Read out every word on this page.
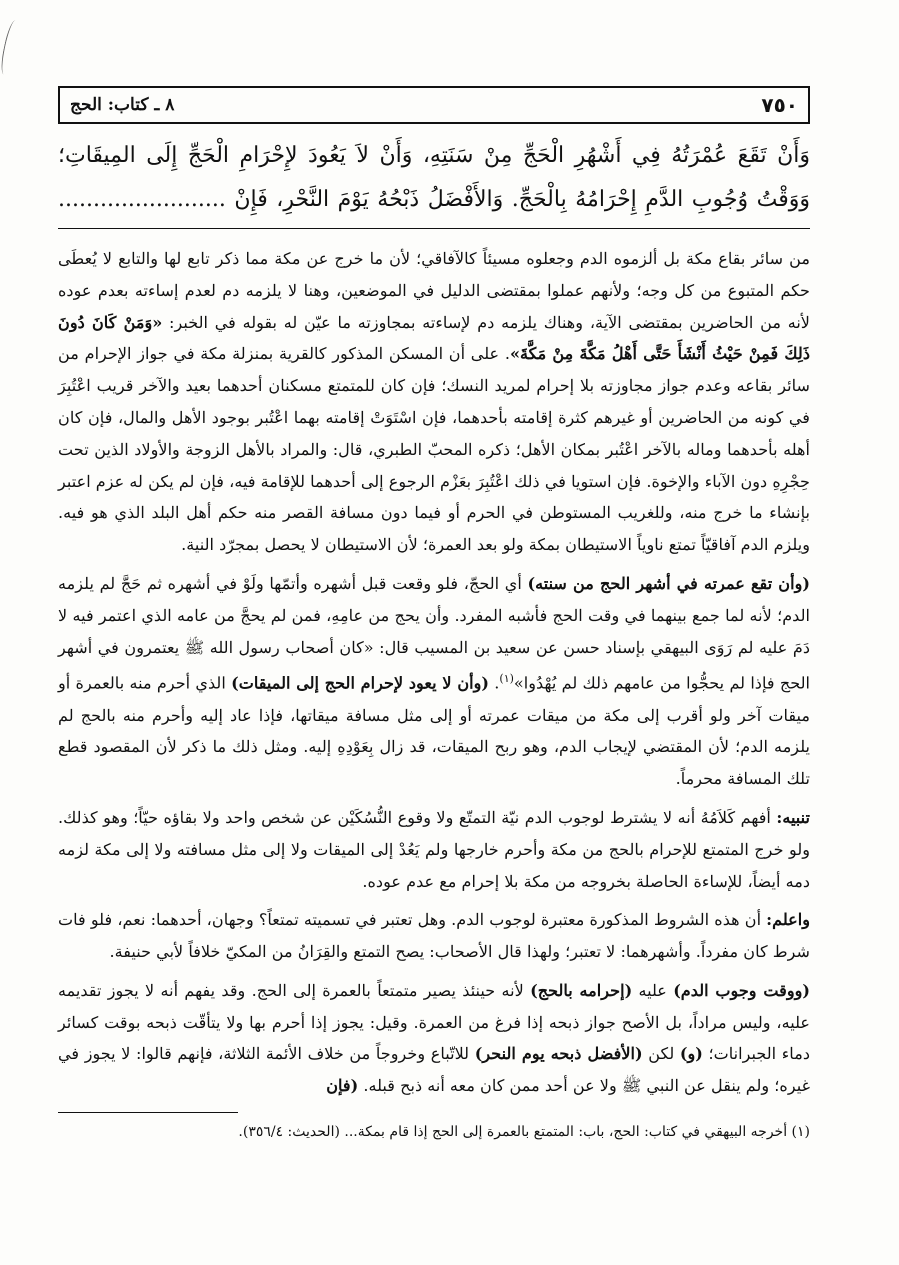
٧٥٠
٨ ـ كتاب: الحج
وَأَنْ تَقَعَ عُمْرَتُهُ فِي أَشْهُرِ الْحَجِّ مِنْ سَنَتِهِ، وَأَنْ لاَ يَعُودَ لإِحْرَامِ الْحَجِّ إِلَى المِيقَاتِ؛ وَوَقْتُ وُجُوبِ الدَّمِ إِحْرَامُهُ بِالْحَجِّ. وَالأَفْضَلُ ذَبْحُهُ يَوْمَ النَّحْرِ، فَإِنْ ........................

من سائر بقاع مكة بل ألزموه الدم وجعلوه مسيئاً كالآفاقي؛ لأن ما خرج عن مكة مما ذكر تابع لها والتابع لا يُعطَى حكم المتبوع من كل وجه؛ ولأنهم عملوا بمقتضى الدليل في الموضعين، وهنا لا يلزمه دم لعدم إساءته بعدم عوده لأنه من الحاضرين بمقتضى الآية، وهناك يلزمه دم لإساءته بمجاوزته ما عيّن له بقوله في الخبر: «وَمَنْ كَانَ دُونَ ذَلِكَ فَمِنْ حَيْثُ أَنْشَأَ حَتَّى أَهْلُ مَكَّةَ مِنْ مَكَّةَ». على أن المسكن المذكور كالقرية بمنزلة مكة في جواز الإحرام من سائر بقاعه وعدم جواز مجاوزته بلا إحرام لمريد النسك؛ فإن كان للمتمتع مسكنان أحدهما بعيد والآخر قريب اعْتُبِرَ في كونه من الحاضرين أو غيرهم كثرة إقامته بأحدهما، فإن اسْتَوَتْ إقامته بهما اعْتُبر بوجود الأهل والمال، فإن كان أهله بأحدهما وماله بالآخر اعْتُبر بمكان الأهل؛ ذكره المحبّ الطبري، قال: والمراد بالأهل الزوجة والأولاد الذين تحت حِجْرِهِ دون الآباء والإخوة. فإن استويا في ذلك اعْتُبِرَ بعَزْم الرجوع إلى أحدهما للإقامة فيه، فإن لم يكن له عزم اعتبر بإنشاء ما خرج منه، وللغريب المستوطن في الحرم أو فيما دون مسافة القصر منه حكم أهل البلد الذي هو فيه. ويلزم الدم آفاقيّاً تمتع ناوياً الاستيطان بمكة ولو بعد العمرة؛ لأن الاستيطان لا يحصل بمجرّد النية.

(وأن تقع عمرته في أشهر الحج من سنته) أي الحجّ، فلو وقعت قبل أشهره وأتمّها ولَوْ في أشهره ثم حَجَّ لم يلزمه الدم؛ لأنه لما جمع بينهما في وقت الحج فأشبه المفرد. وأن يحج من عامِهِ، فمن لم يحجَّ من عامه الذي اعتمر فيه لا دَمَ عليه لم رَوَى البيهقي بإسناد حسن عن سعيد بن المسيب قال: «كان أصحاب رسول الله ﷺ يعتمرون في أشهر الحج فإذا لم يحجُّوا من عامهم ذلك لم يُهْدُوا»$^{(١)}$. (وأن لا يعود لإحرام الحج إلى الميقات) الذي أحرم منه بالعمرة أو ميقات آخر ولو أقرب إلى مكة من ميقات عمرته أو إلى مثل مسافة ميقاتها، فإذا عاد إليه وأحرم منه بالحج لم يلزمه الدم؛ لأن المقتضي لإيجاب الدم، وهو ربح الميقات، قد زال بِعَوْدِهِ إليه. ومثل ذلك ما ذكر لأن المقصود قطع تلك المسافة محرماً.

تنبيه: أفهم كَلاَمُهُ أنه لا يشترط لوجوب الدم نيّة التمتّع ولا وقوع النُّسُكَيْن عن شخص واحد ولا بقاؤه حيّاً؛ وهو كذلك. ولو خرج المتمتع للإحرام بالحج من مكة وأحرم خارجها ولم يَعُدْ إلى الميقات ولا إلى مثل مسافته ولا إلى مكة لزمه دمه أيضاً، للإساءة الحاصلة بخروجه من مكة بلا إحرام مع عدم عوده.

واعلم: أن هذه الشروط المذكورة معتبرة لوجوب الدم. وهل تعتبر في تسميته تمتعاً؟ وجهان، أحدهما: نعم، فلو فات شرط كان مفرداً. وأشهرهما: لا تعتبر؛ ولهذا قال الأصحاب: يصح التمتع والقِرَانُ من المكيّ خلافاً لأبي حنيفة.

(ووقت وجوب الدم) عليه (إحرامه بالحج) لأنه حينئذ يصير متمتعاً بالعمرة إلى الحج. وقد يفهم أنه لا يجوز تقديمه عليه، وليس مراداً، بل الأصح جواز ذبحه إذا فرغ من العمرة. وقيل: يجوز إذا أحرم بها ولا يتأقّت ذبحه بوقت كسائر دماء الجبرانات؛ (و) لكن (الأفضل ذبحه يوم النحر) للاتّباع وخروجاً من خلاف الأئمة الثلاثة، فإنهم قالوا: لا يجوز في غيره؛ ولم ينقل عن النبي ﷺ ولا عن أحد ممن كان معه أنه ذبح قبله. (فإن

(١) أخرجه البيهقي في كتاب: الحج، باب: المتمتع بالعمرة إلى الحج إذا قام بمكة... (الحديث: ٣٥٦/٤).
